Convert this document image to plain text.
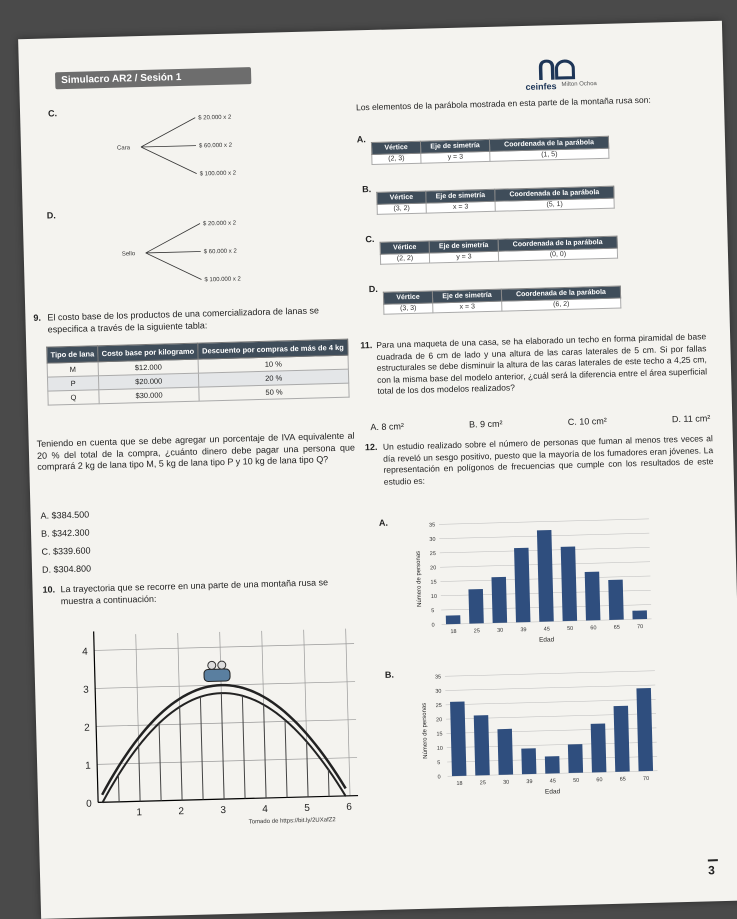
Simulacro AR2 / Sesión 1	ᑎᗝ
ceinfes Milton Ochoa
C.
Cara
$ 20.000 x 2
$ 60.000 x 2
$ 100.000 x 2
D.
Sello
$ 20.000 x 2
$ 60.000 x 2
$ 100.000 x 2
9. El costo base de los productos de una comercializadora de lanas se especifica a través de la siguiente tabla:
Tipo de lana	Costo base por kilogramo	Descuento por compras de más de 4 kg
M	$12.000	10 %
P	$20.000	20 %
Q	$30.000	50 %
Teniendo en cuenta que se debe agregar un porcentaje de IVA equivalente al 20 % del total de la compra, ¿cuánto dinero debe pagar una persona que comprará 2 kg de lana tipo M, 5 kg de lana tipo P y 10 kg de lana tipo Q?
A. $384.500
B. $342.300
C. $339.600
D. $304.800
10. La trayectoria que se recorre en una parte de una montaña rusa se muestra a continuación:
1	2	3	4	5	6
0
1
2
3
4
Tomado de https://bit.ly/2UXafZ2
Los elementos de la parábola mostrada en esta parte de la montaña rusa son:
A.
Vértice	Eje de simetría	Coordenada de la parábola
(2, 3)	y = 3	(1, 5)
B.
Vértice	Eje de simetría	Coordenada de la parábola
(3, 2)	x = 3	(5, 1)
C.
Vértice	Eje de simetría	Coordenada de la parábola
(2, 2)	y = 3	(0, 0)
D.
Vértice	Eje de simetría	Coordenada de la parábola
(3, 3)	x = 3	(6, 2)
11. Para una maqueta de una casa, se ha elaborado un techo en forma piramidal de base cuadrada de 6 cm de lado y una altura de las caras laterales de 5 cm. Si por fallas estructurales se debe disminuir la altura de las caras laterales de este techo a 4,25 cm, con la misma base del modelo anterior, ¿cuál será la diferencia entre el área superficial total de los dos modelos realizados?
A. 8 cm²	B. 9 cm²	C. 10 cm²	D. 11 cm²
12. Un estudio realizado sobre el número de personas que fuman al menos tres veces al día reveló un sesgo positivo, puesto que la mayoría de los fumadores eran jóvenes. La representación en polígonos de frecuencias que cumple con los resultados de este estudio es:
A.
0
5
10
15
20
25
30
35
18	25	30	39	45	50	60	65	70
Edad
Número de personas
B.
0
5
10
15
20
25
30
35
18	25	30	39	45	50	60	65	70
Edad
Número de personas
3
